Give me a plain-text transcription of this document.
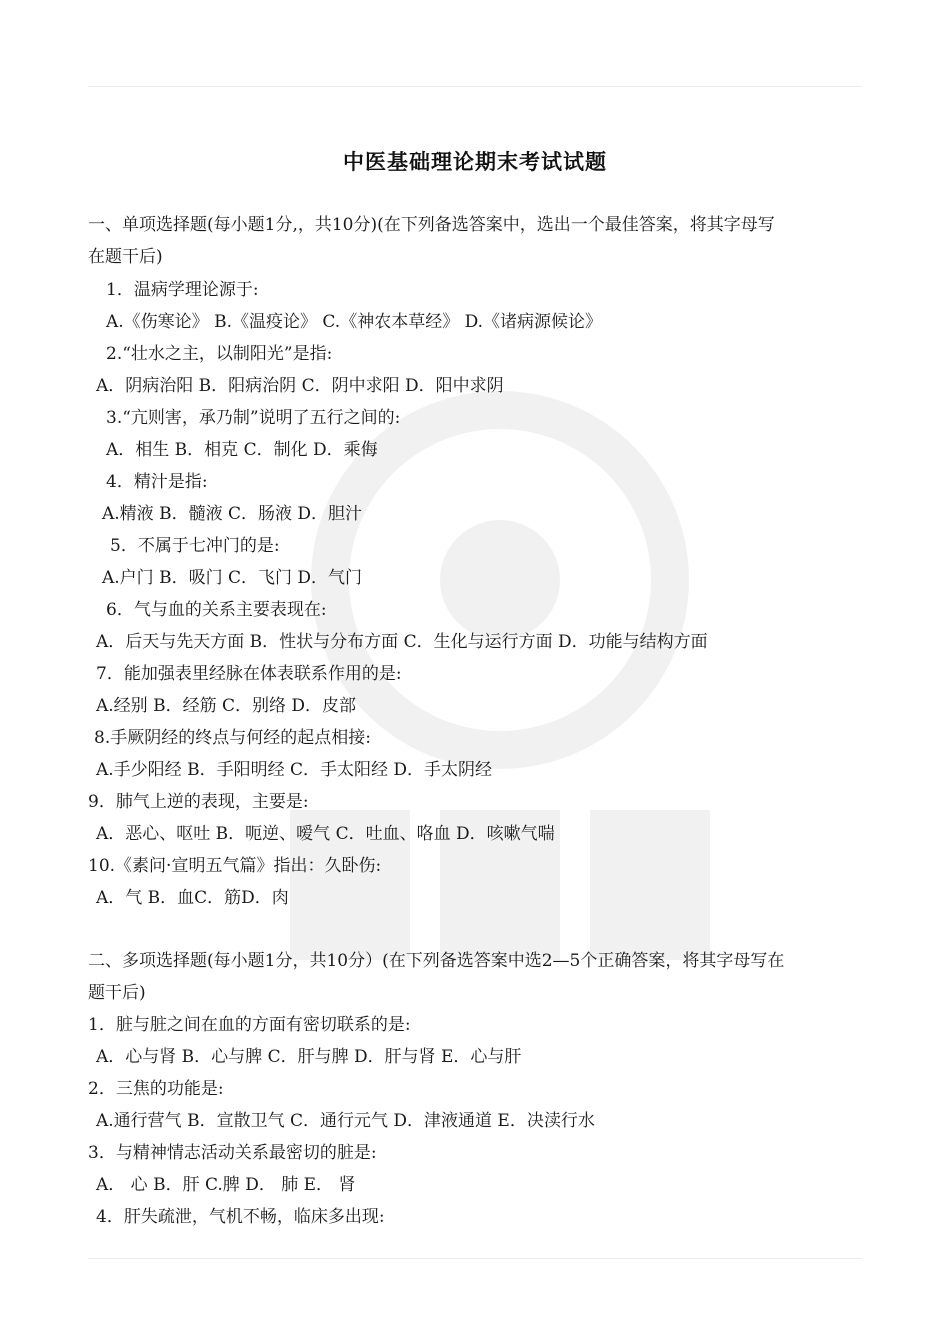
中医基础理论期末考试试题
一、单项选择题(每小题1分,，共10分)(在下列备选答案中，选出一个最佳答案，将其字母写
在题干后)
1．温病学理论源于:
A.《伤寒论》 B.《温疫论》 C.《神农本草经》 D.《诸病源候论》
2.“壮水之主，以制阳光”是指:
A．阴病治阳 B．阳病治阴 C．阴中求阳 D．阳中求阴
3.“亢则害，承乃制”说明了五行之间的:
A．相生 B．相克 C．制化 D．乘侮
4．精汁是指:
A.精液 B．髓液 C．肠液 D．胆汁
5．不属于七冲门的是:
A.户门 B．吸门 C．飞门 D．气门
6．气与血的关系主要表现在:
A．后天与先天方面 B．性状与分布方面 C．生化与运行方面 D．功能与结构方面
7．能加强表里经脉在体表联系作用的是:
A.经别 B．经筋 C．别络 D．皮部
8.手厥阴经的终点与何经的起点相接:
A.手少阳经 B．手阳明经 C．手太阳经 D．手太阴经
9．肺气上逆的表现，主要是:
A．恶心、呕吐 B．呃逆、嗳气 C．吐血、咯血 D．咳嗽气喘
10.《素问·宣明五气篇》指出：久卧伤:
A．气 B．血C．筋D．肉
二、多项选择题(每小题1分，共10分）(在下列备选答案中选2—5个正确答案，将其字母写在
题干后)
1．脏与脏之间在血的方面有密切联系的是:
A．心与肾 B．心与脾 C．肝与脾 D．肝与肾 E．心与肝
2．三焦的功能是:
A.通行营气 B．宣散卫气 C．通行元气 D．津液通道 E．决渎行水
3．与精神情志活动关系最密切的脏是:
A． 心 B．肝 C.脾 D． 肺 E． 肾
4．肝失疏泄，气机不畅，临床多出现:
